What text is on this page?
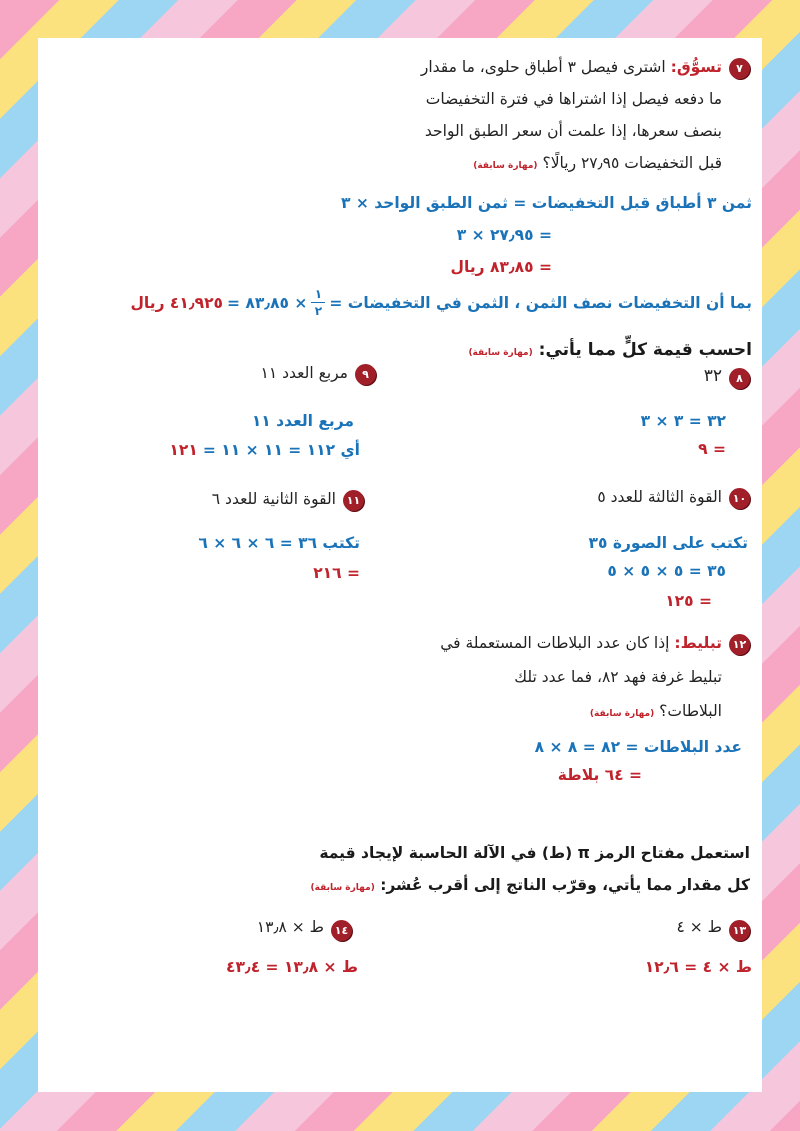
٧
تسوُّق: اشترى فيصل ٣ أطباق حلوى، ما مقدار
ما دفعه فيصل إذا اشتراها في فترة التخفيضات
بنصف سعرها، إذا علمت أن سعر الطبق الواحد
قبل التخفيضات ٢٧٫٩٥ ريالًا؟ (مهارة سابقة)
ثمن ٣ أطباق قبل التخفيضات = ثمن الطبق الواحد × ٣
= ٢٧٫٩٥ × ٣
= ٨٣٫٨٥ ريال
بما أن التخفيضات نصف الثمن ، الثمن في التخفيضات =
$\frac{١}{٢}$
× ٨٣٫٨٥ =
٤١٫٩٢٥ ريال
احسب قيمة كلٍّ مما يأتي: (مهارة سابقة)
٨
٣٢
٣٢ = ٣ × ٣
= ٩
٩
مربع العدد ١١
مربع العدد ١١
أي ١١٢ = ١١ × ١١ = ١٢١
١٠
القوة الثالثة للعدد ٥
تكتب على الصورة ٣٥
٣٥ = ٥ × ٥ × ٥
= ١٢٥
١١
القوة الثانية للعدد ٦
تكتب ٣٦ = ٦ × ٦ × ٦
= ٢١٦
١٢
تبليط: إذا كان عدد البلاطات المستعملة في
تبليط غرفة فهد ٨٢، فما عدد تلك
البلاطات؟ (مهارة سابقة)
عدد البلاطات = ٨٢ = ٨ × ٨
= ٦٤ بلاطة
استعمل مفتاح الرمز π (ط) في الآلة الحاسبة لإيجاد قيمة
كل مقدار مما يأتي، وقرّب الناتج إلى أقرب عُشر: (مهارة سابقة)
١٣
ط × ٤
ط × ٤ = ١٢٫٦
١٤
ط × ١٣٫٨
ط × ١٣٫٨ = ٤٣٫٤
